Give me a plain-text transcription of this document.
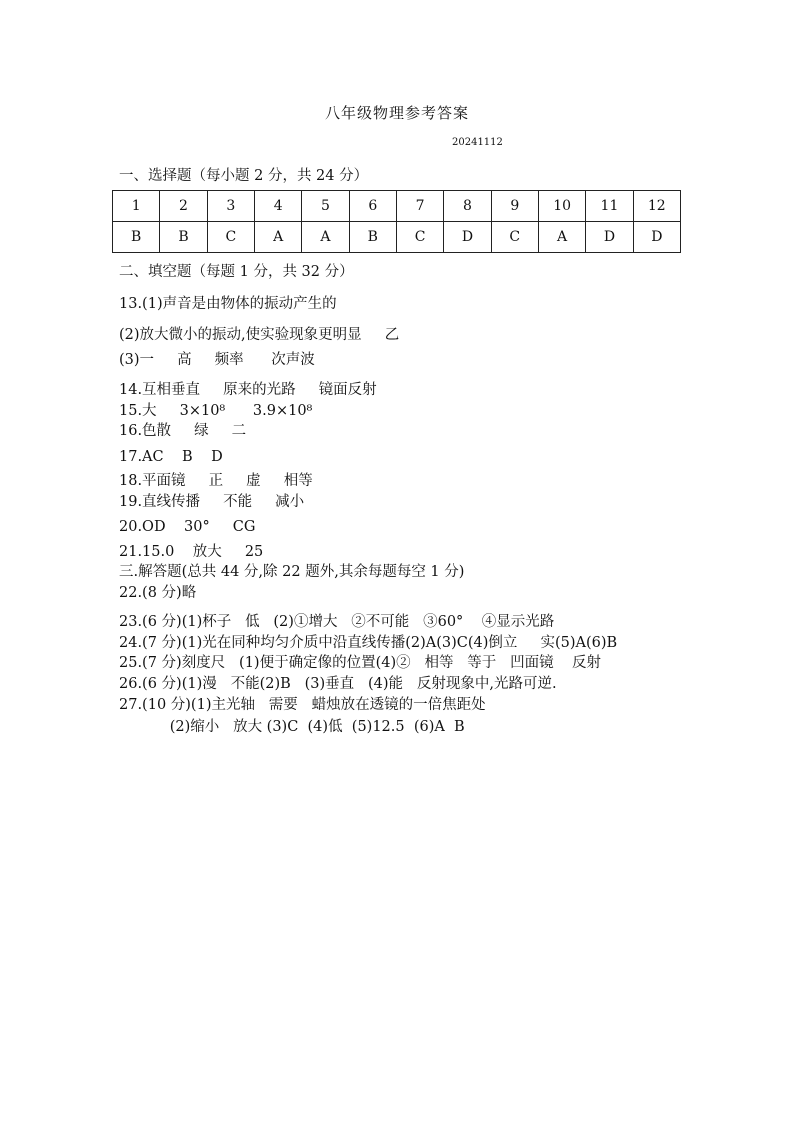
八年级物理参考答案
20241112
一、选择题（每小题 2 分，共 24 分）
1	2	3	4	5	6	7	8	9	10	11	12
B	B	C	A	A	B	C	D	C	A	D	D
二、填空题（每题 1 分，共 32 分）
13.(1)声音是由物体的振动产生的
(2)放大微小的振动,使实验现象更明显     乙
(3)一     高     频率      次声波
14.互相垂直     原来的光路     镜面反射
15.大     3×10⁸      3.9×10⁸
16.色散     绿     二
17.AC    B    D
18.平面镜     正     虚     相等
19.直线传播     不能     减小
20.OD    30°     CG
21.15.0    放大     25
三.解答题(总共 44 分,除 22 题外,其余每题每空 1 分)
22.(8 分)略
23.(6 分)(1)杯子   低   (2)①增大   ②不可能   ③60°    ④显示光路
24.(7 分)(1)光在同种均匀介质中沿直线传播(2)A(3)C(4)倒立     实(5)A(6)B
25.(7 分)刻度尺   (1)便于确定像的位置(4)②   相等   等于   凹面镜    反射
26.(6 分)(1)漫   不能(2)B   (3)垂直   (4)能   反射现象中,光路可逆.
27.(10 分)(1)主光轴   需要   蜡烛放在透镜的一倍焦距处
(2)缩小   放大 (3)C  (4)低  (5)12.5  (6)A  B
